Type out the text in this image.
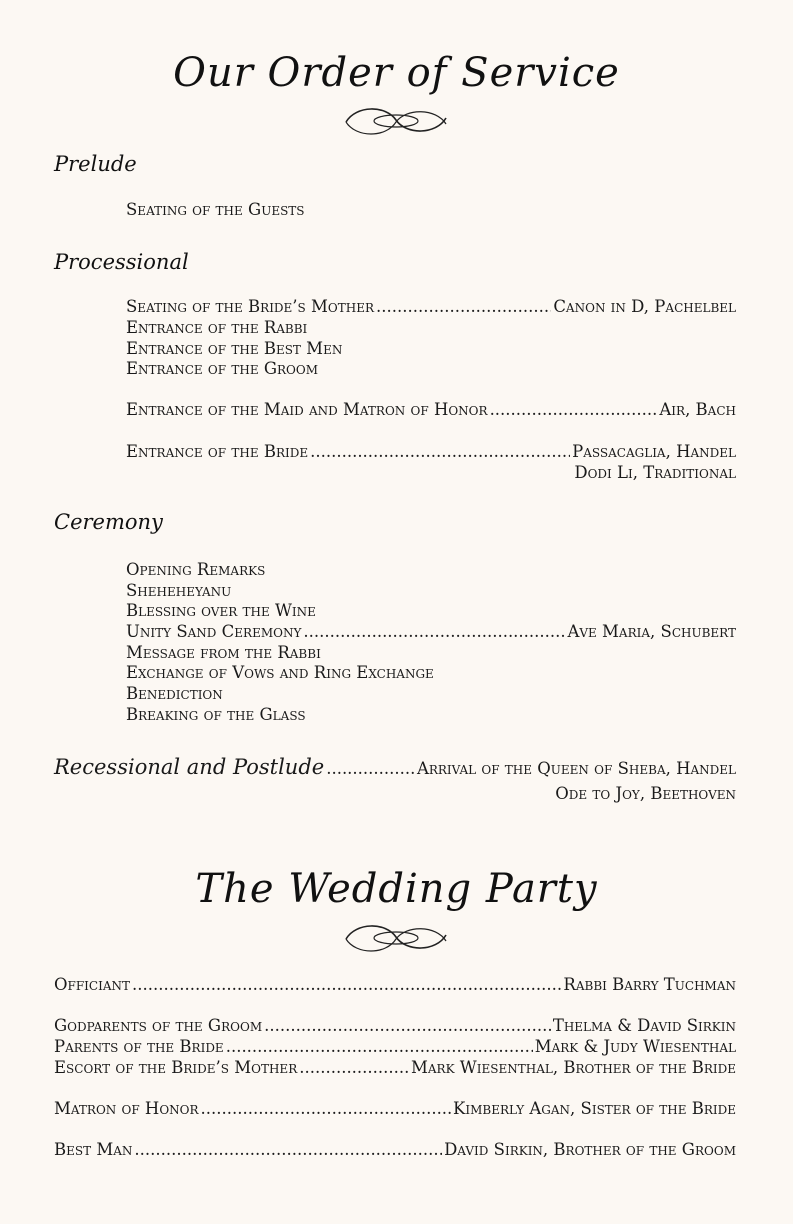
Our Order of Service
Prelude
Seating of the Guests
Processional
Seating of the Bride’s Mother .....	Canon in D, Pachelbel
Entrance of the Rabbi
Entrance of the Best Men
Entrance of the Groom
Entrance of the Maid and Matron of Honor .....	Air, Bach
Entrance of the Bride .....	Passacaglia, Handel
Dodi Li, Traditional
Ceremony
Opening Remarks
Sheheheyanu
Blessing over the Wine
Unity Sand Ceremony .....	Ave Maria, Schubert
Message from the Rabbi
Exchange of Vows and Ring Exchange
Benediction
Breaking of the Glass
Recessional and Postlude .....	Arrival of the Queen of Sheba, Handel
Ode to Joy, Beethoven
The Wedding Party
Officiant .....	Rabbi Barry Tuchman
Godparents of the Groom .....	Thelma & David Sirkin
Parents of the Bride .....	Mark & Judy Wiesenthal
Escort of the Bride’s Mother .....	Mark Wiesenthal, Brother of the Bride
Matron of Honor .....	Kimberly Agan, Sister of the Bride
Best Man .....	David Sirkin, Brother of the Groom
